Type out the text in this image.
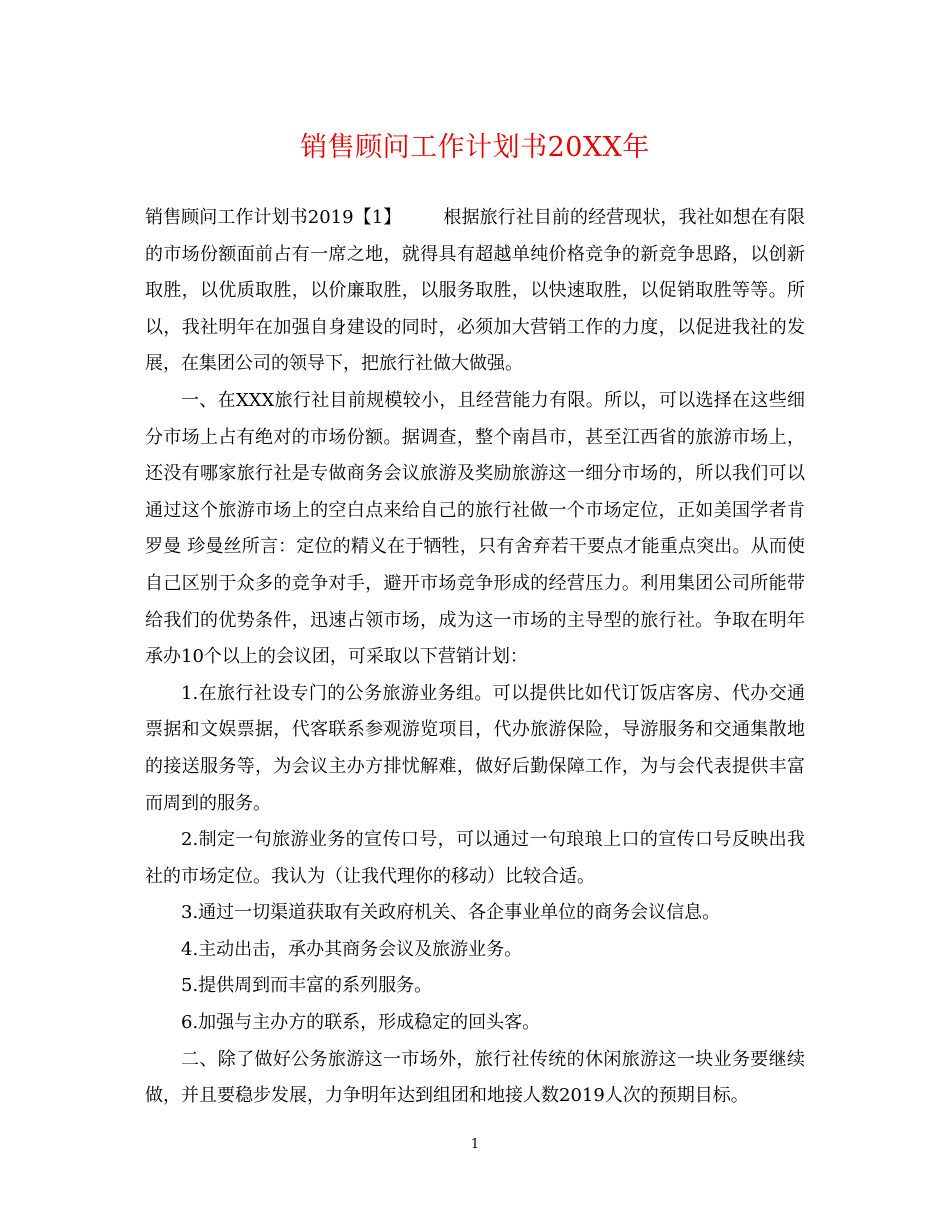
销售顾问工作计划书20XX年

销售顾问工作计划书2019【1】 根据旅行社目前的经营现状，我社如想在有限的市场份额面前占有一席之地，就得具有超越单纯价格竞争的新竞争思路，以创新取胜，以优质取胜，以价廉取胜，以服务取胜，以快速取胜，以促销取胜等等。所以，我社明年在加强自身建设的同时，必须加大营销工作的力度，以促进我社的发展，在集团公司的领导下，把旅行社做大做强。

一、在XXX旅行社目前规模较小，且经营能力有限。所以，可以选择在这些细分市场上占有绝对的市场份额。据调查，整个南昌市，甚至江西省的旅游市场上，还没有哪家旅行社是专做商务会议旅游及奖励旅游这一细分市场的，所以我们可以通过这个旅游市场上的空白点来给自己的旅行社做一个市场定位，正如美国学者肯罗曼 珍曼丝所言：定位的精义在于牺牲，只有舍弃若干要点才能重点突出。从而使自己区别于众多的竞争对手，避开市场竞争形成的经营压力。利用集团公司所能带给我们的优势条件，迅速占领市场，成为这一市场的主导型的旅行社。争取在明年承办10个以上的会议团，可采取以下营销计划：

1.在旅行社设专门的公务旅游业务组。可以提供比如代订饭店客房、代办交通票据和文娱票据，代客联系参观游览项目，代办旅游保险，导游服务和交通集散地的接送服务等，为会议主办方排忧解难，做好后勤保障工作，为与会代表提供丰富而周到的服务。

2.制定一句旅游业务的宣传口号，可以通过一句琅琅上口的宣传口号反映出我社的市场定位。我认为（让我代理你的移动）比较合适。

3.通过一切渠道获取有关政府机关、各企事业单位的商务会议信息。

4.主动出击，承办其商务会议及旅游业务。

5.提供周到而丰富的系列服务。

6.加强与主办方的联系，形成稳定的回头客。

二、除了做好公务旅游这一市场外，旅行社传统的休闲旅游这一块业务要继续做，并且要稳步发展，力争明年达到组团和地接人数2019人次的预期目标。

1
